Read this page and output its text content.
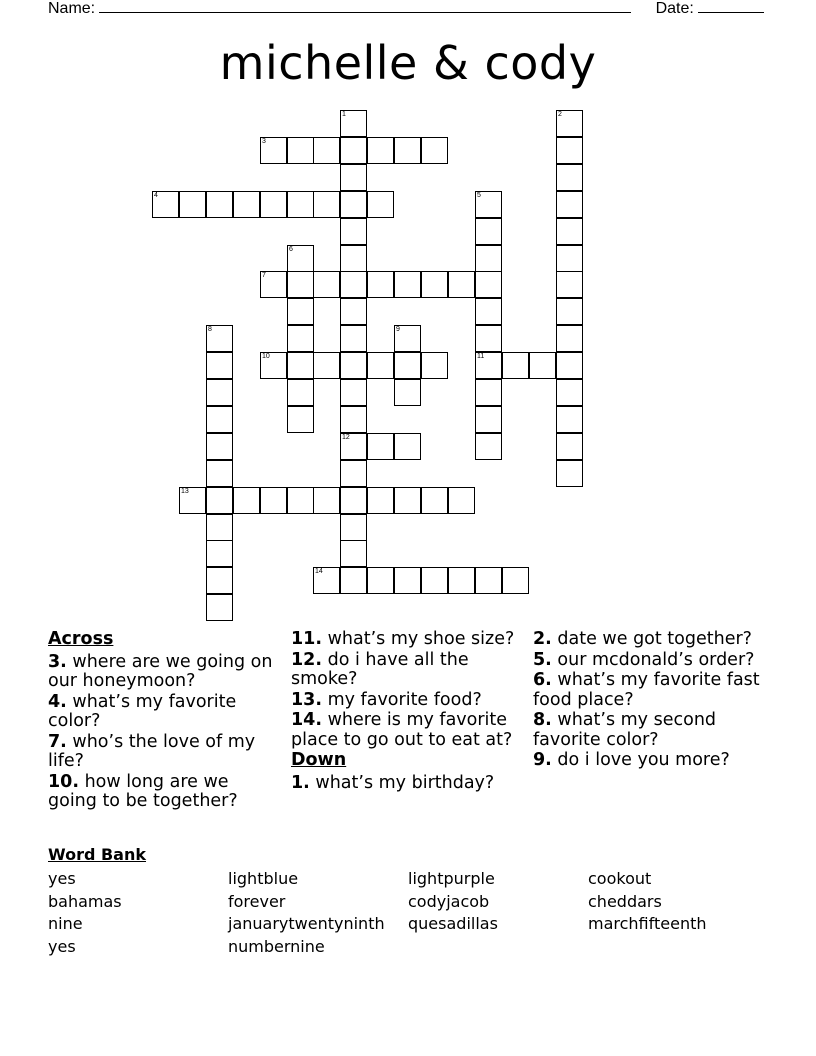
Name:	Date:
michelle & cody
1
12
2
3
4	5
11
6
7
8	9
10
13
14
Across
3. where are we going on our honeymoon?
4. what’s my favorite color?
7. who’s the love of my life?
10. how long are we going to be together?
11. what’s my shoe size?
12. do i have all the smoke?
13. my favorite food?
14. where is my favorite place to go out to eat at?
Down
1. what’s my birthday?
2. date we got together?
5. our mcdonald’s order?
6. what’s my favorite fast food place?
8. what’s my second favorite color?
9. do i love you more?
Word Bank
yes	lightblue	lightpurple	cookout
bahamas	forever	codyjacob	cheddars
nine	januarytwentyninth	quesadillas	marchfifteenth
yes	numbernine
